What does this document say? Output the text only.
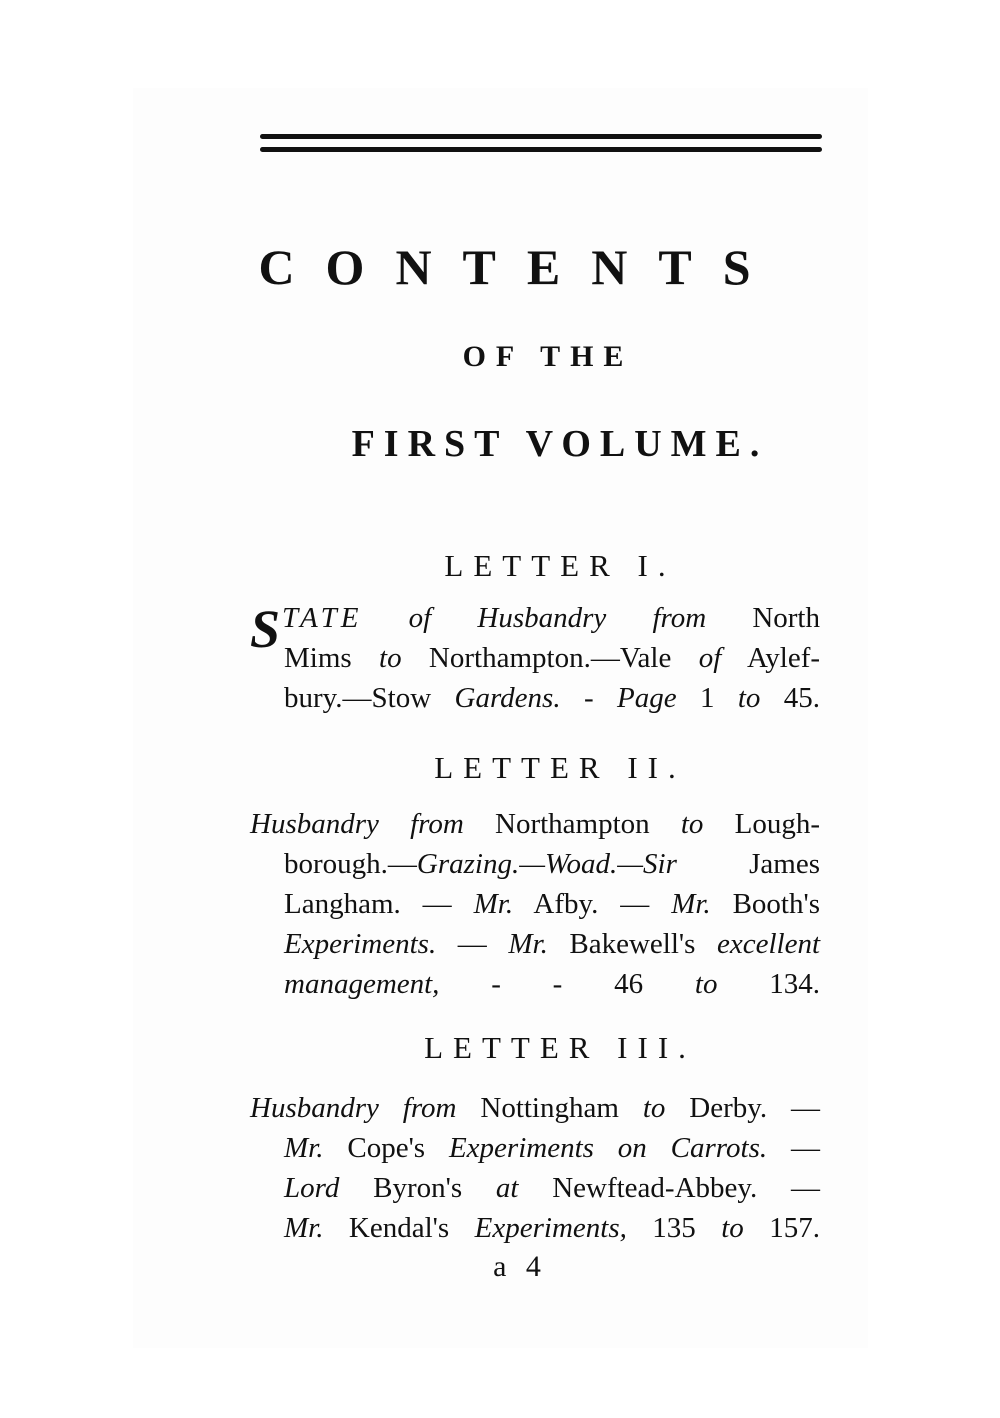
CONTENTS
OF THE
FIRST VOLUME.
LETTER I.
S TATE of Husbandry from North
Mims to Northampton.—Vale of Aylef-
bury.—Stow Gardens. - Page 1 to 45.
LETTER II.
Husbandry from Northampton to Lough-
borough.—Grazing.—Woad.—Sir James
Langham. — Mr. Afby. — Mr. Booth's
Experiments. — Mr. Bakewell's excellent
management, - - 46 to 134.
LETTER III.
Husbandry from Nottingham to Derby. —
Mr. Cope's Experiments on Carrots. —
Lord Byron's at Newftead-Abbey. —
Mr. Kendal's Experiments, 135 to 157.
a 4
